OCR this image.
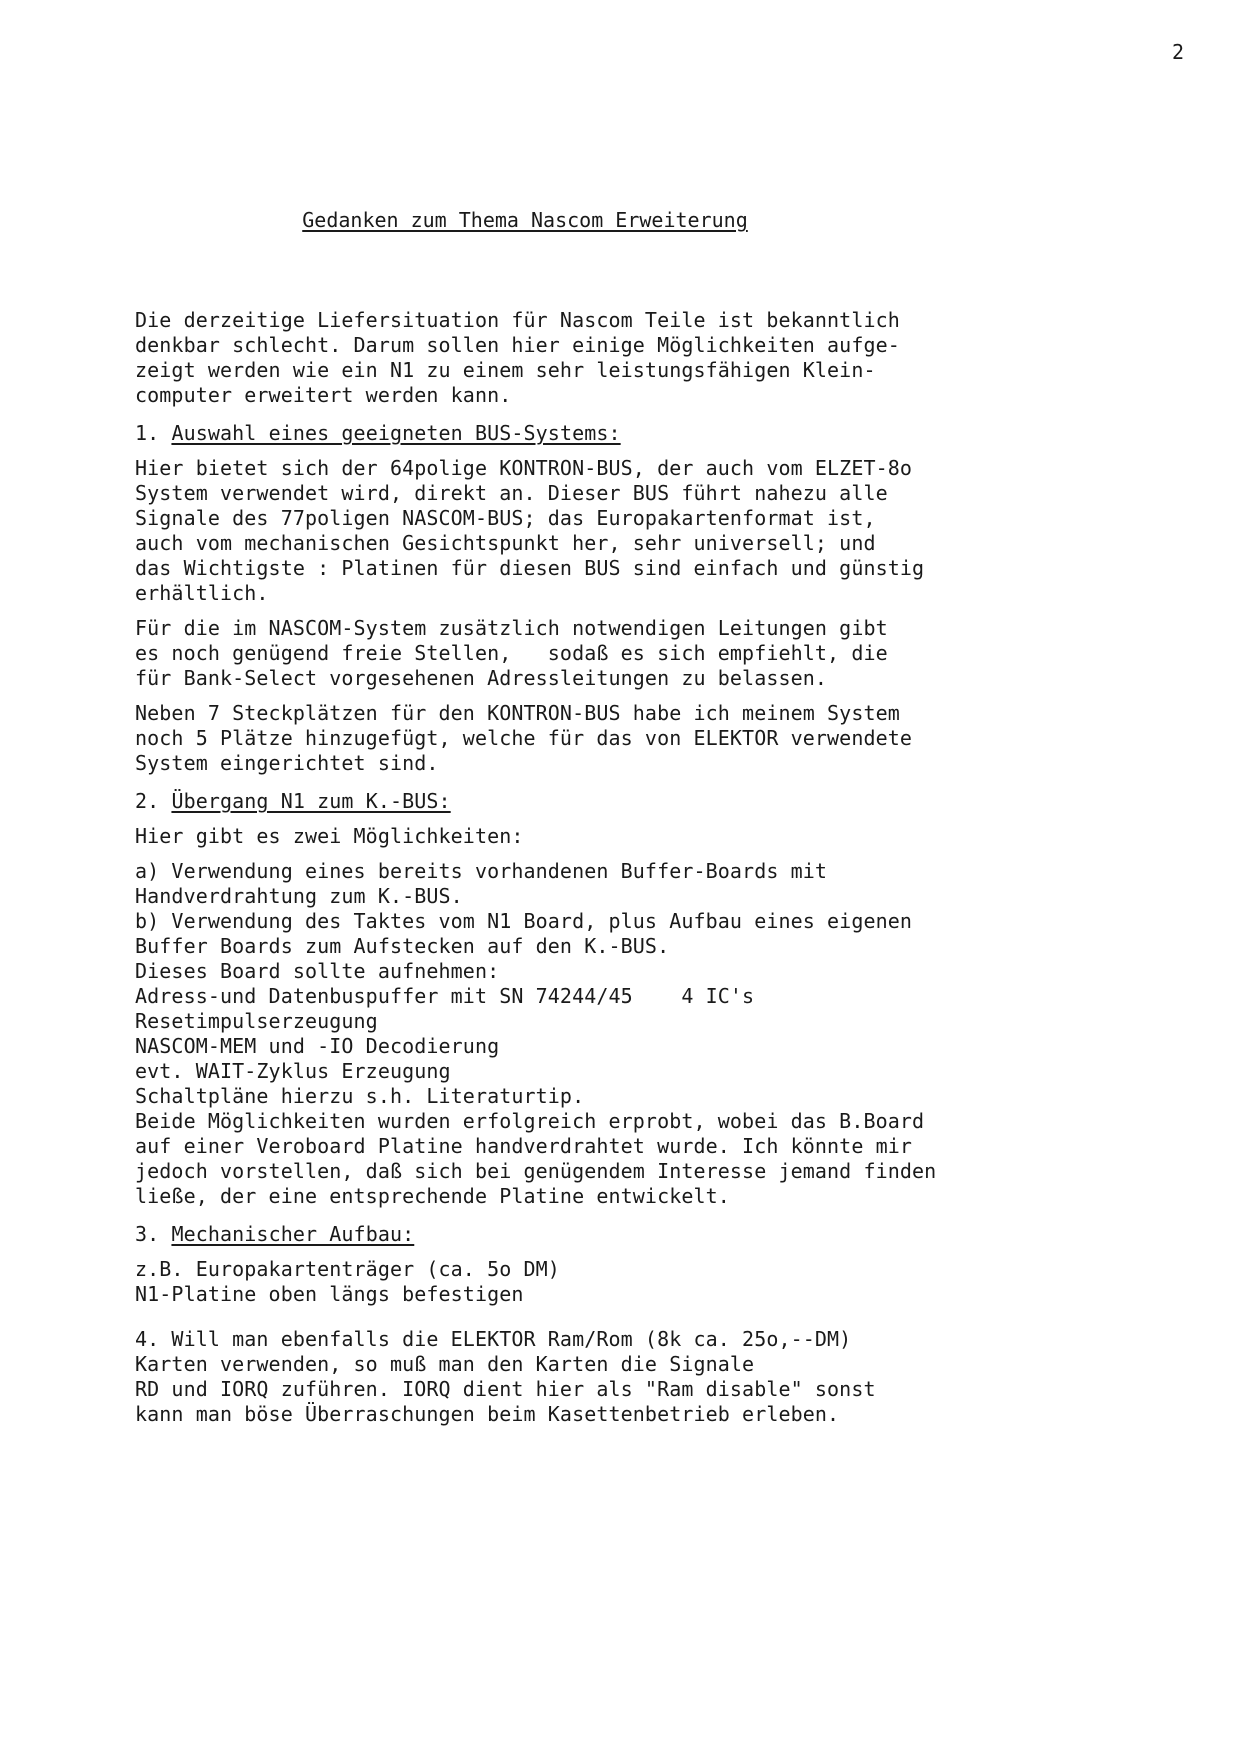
2
Gedanken zum Thema Nascom Erweiterung
Die derzeitige Liefersituation für Nascom Teile ist bekanntlich
denkbar schlecht. Darum sollen hier einige Möglichkeiten aufge-
zeigt werden wie ein N1 zu einem sehr leistungsfähigen Klein-
computer erweitert werden kann.
1. Auswahl eines geeigneten BUS-Systems:
Hier bietet sich der 64polige KONTRON-BUS, der auch vom ELZET-8o
System verwendet wird, direkt an. Dieser BUS führt nahezu alle
Signale des 77poligen NASCOM-BUS; das Europakartenformat ist,
auch vom mechanischen Gesichtspunkt her, sehr universell; und
das Wichtigste : Platinen für diesen BUS sind einfach und günstig
erhältlich.
Für die im NASCOM-System zusätzlich notwendigen Leitungen gibt
es noch genügend freie Stellen,   sodaß es sich empfiehlt, die
für Bank-Select vorgesehenen Adressleitungen zu belassen.
Neben 7 Steckplätzen für den KONTRON-BUS habe ich meinem System
noch 5 Plätze hinzugefügt, welche für das von ELEKTOR verwendete
System eingerichtet sind.
2. Übergang N1 zum K.-BUS:
Hier gibt es zwei Möglichkeiten:
a) Verwendung eines bereits vorhandenen Buffer-Boards mit
Handverdrahtung zum K.-BUS.
b) Verwendung des Taktes vom N1 Board, plus Aufbau eines eigenen
Buffer Boards zum Aufstecken auf den K.-BUS.
Dieses Board sollte aufnehmen:
Adress-und Datenbuspuffer mit SN 74244/45    4 IC's
Resetimpulserzeugung
NASCOM-MEM und -IO Decodierung
evt. WAIT-Zyklus Erzeugung
Schaltpläne hierzu s.h. Literaturtip.
Beide Möglichkeiten wurden erfolgreich erprobt, wobei das B.Board
auf einer Veroboard Platine handverdrahtet wurde. Ich könnte mir
jedoch vorstellen, daß sich bei genügendem Interesse jemand finden
ließe, der eine entsprechende Platine entwickelt.
3. Mechanischer Aufbau:
z.B. Europakartenträger (ca. 5o DM)
N1-Platine oben längs befestigen
4. Will man ebenfalls die ELEKTOR Ram/Rom (8k ca. 25o,--DM)
Karten verwenden, so muß man den Karten die Signale
RD und IORQ zuführen. IORQ dient hier als "Ram disable" sonst
kann man böse Überraschungen beim Kasettenbetrieb erleben.
